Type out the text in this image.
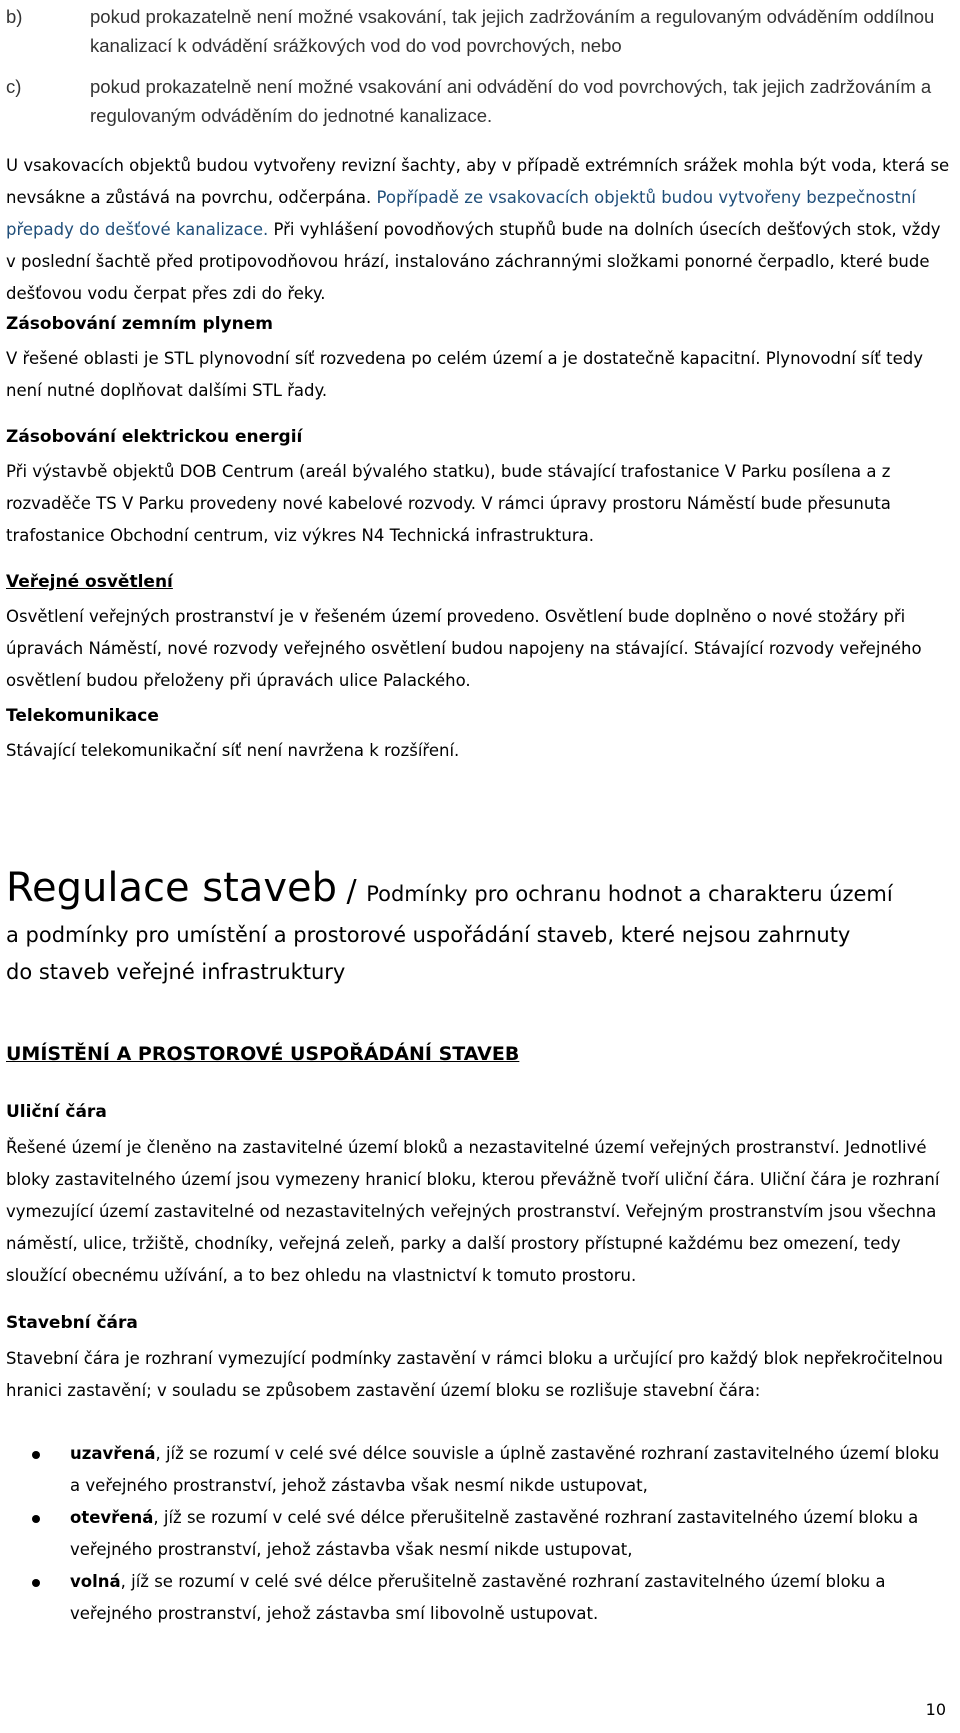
b)	pokud prokazatelně není možné vsakování, tak jejich zadržováním a regulovaným odváděním oddílnou kanalizací k odvádění srážkových vod do vod povrchových, nebo
c)	pokud prokazatelně není možné vsakování ani odvádění do vod povrchových, tak jejich zadržováním a regulovaným odváděním do jednotné kanalizace.

U vsakovacích objektů budou vytvořeny revizní šachty, aby v případě extrémních srážek mohla být voda, která se nevsákne a zůstává na povrchu, odčerpána. Popřípadě ze vsakovacích objektů budou vytvořeny bezpečnostní přepady do dešťové kanalizace. Při vyhlášení povodňových stupňů bude na dolních úsecích dešťových stok, vždy v poslední šachtě před protipovodňovou hrází, instalováno záchrannými složkami ponorné čerpadlo, které bude dešťovou vodu čerpat přes zdi do řeky.

Zásobování zemním plynem

V řešené oblasti je STL plynovodní síť rozvedena po celém území a je dostatečně kapacitní. Plynovodní síť tedy není nutné doplňovat dalšími STL řady.

Zásobování elektrickou energií

Při výstavbě objektů DOB Centrum (areál bývalého statku), bude stávající trafostanice V Parku posílena a z rozvaděče TS V Parku provedeny nové kabelové rozvody. V rámci úpravy prostoru Náměstí bude přesunuta trafostanice Obchodní centrum, viz výkres N4 Technická infrastruktura.

Veřejné osvětlení

Osvětlení veřejných prostranství je v řešeném území provedeno. Osvětlení bude doplněno o nové stožáry při úpravách Náměstí, nové rozvody veřejného osvětlení budou napojeny na stávající. Stávající rozvody veřejného osvětlení budou přeloženy při úpravách ulice Palackého.

Telekomunikace

Stávající telekomunikační síť není navržena k rozšíření.

Regulace staveb / Podmínky pro ochranu hodnot a charakteru území
a podmínky pro umístění a prostorové uspořádání staveb, které nejsou zahrnuty
do staveb veřejné infrastruktury
UMÍSTĚNÍ A PROSTOROVÉ USPOŘÁDÁNÍ STAVEB
Uliční čára

Řešené území je členěno na zastavitelné území bloků a nezastavitelné území veřejných prostranství. Jednotlivé bloky zastavitelného území jsou vymezeny hranicí bloku, kterou převážně tvoří uliční čára. Uliční čára je rozhraní vymezující území zastavitelné od nezastavitelných veřejných prostranství. Veřejným prostranstvím jsou všechna náměstí, ulice, tržiště, chodníky, veřejná zeleň, parky a další prostory přístupné každému bez omezení, tedy sloužící obecnému užívání, a to bez ohledu na vlastnictví k tomuto prostoru.

Stavební čára

Stavební čára je rozhraní vymezující podmínky zastavění v rámci bloku a určující pro každý blok nepřekročitelnou hranici zastavění; v souladu se způsobem zastavění území bloku se rozlišuje stavební čára:

uzavřená, jíž se rozumí v celé své délce souvisle a úplně zastavěné rozhraní zastavitelného území bloku a veřejného prostranství, jehož zástavba však nesmí nikde ustupovat,
otevřená, jíž se rozumí v celé své délce přerušitelně zastavěné rozhraní zastavitelného území bloku a veřejného prostranství, jehož zástavba však nesmí nikde ustupovat,
volná, jíž se rozumí v celé své délce přerušitelně zastavěné rozhraní zastavitelného území bloku a veřejného prostranství, jehož zástavba smí libovolně ustupovat.
10
